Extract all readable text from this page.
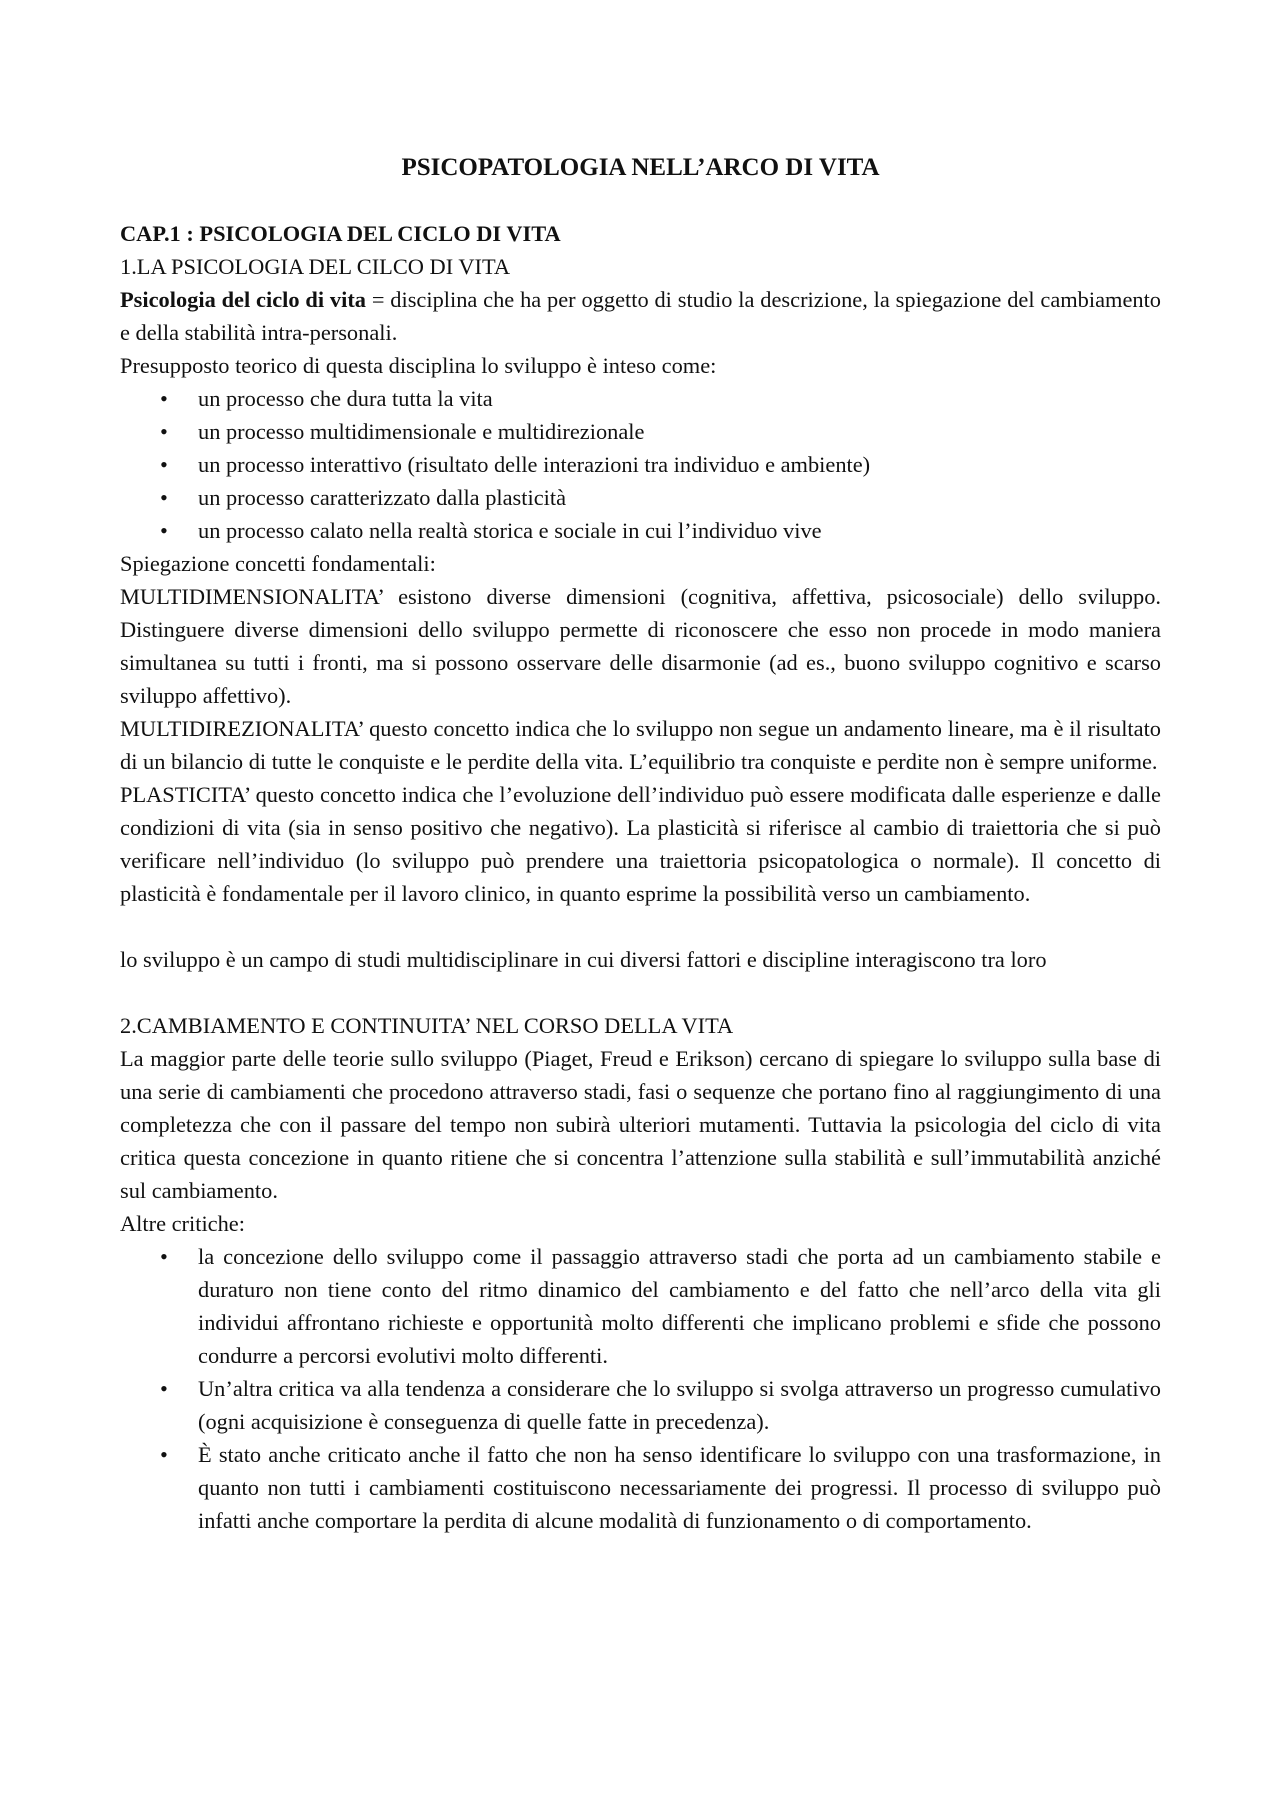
PSICOPATOLOGIA NELL’ARCO DI VITA

CAP.1 : PSICOLOGIA DEL CICLO DI VITA

1.LA PSICOLOGIA DEL CILCO DI VITA

Psicologia del ciclo di vita = disciplina che ha per oggetto di studio la descrizione, la spiegazione del cambiamento e della stabilità intra-personali.

Presupposto teorico di questa disciplina lo sviluppo è inteso come:

• un processo che dura tutta la vita
• un processo multidimensionale e multidirezionale
• un processo interattivo (risultato delle interazioni tra individuo e ambiente)
• un processo caratterizzato dalla plasticità
• un processo calato nella realtà storica e sociale in cui l’individuo vive

Spiegazione concetti fondamentali:

MULTIDIMENSIONALITA’ esistono diverse dimensioni (cognitiva, affettiva, psicosociale) dello sviluppo. Distinguere diverse dimensioni dello sviluppo permette di riconoscere che esso non procede in modo maniera simultanea su tutti i fronti, ma si possono osservare delle disarmonie (ad es., buono sviluppo cognitivo e scarso sviluppo affettivo).

MULTIDIREZIONALITA’ questo concetto indica che lo sviluppo non segue un andamento lineare, ma è il risultato di un bilancio di tutte le conquiste e le perdite della vita. L’equilibrio tra conquiste e perdite non è sempre uniforme.

PLASTICITA’ questo concetto indica che l’evoluzione dell’individuo può essere modificata dalle esperienze e dalle condizioni di vita (sia in senso positivo che negativo). La plasticità si riferisce al cambio di traiettoria che si può verificare nell’individuo (lo sviluppo può prendere una traiettoria psicopatologica o normale). Il concetto di plasticità è fondamentale per il lavoro clinico, in quanto esprime la possibilità verso un cambiamento.

lo sviluppo è un campo di studi multidisciplinare in cui diversi fattori e discipline interagiscono tra loro

2.CAMBIAMENTO E CONTINUITA’ NEL CORSO DELLA VITA

La maggior parte delle teorie sullo sviluppo (Piaget, Freud e Erikson) cercano di spiegare lo sviluppo sulla base di una serie di cambiamenti che procedono attraverso stadi, fasi o sequenze che portano fino al raggiungimento di una completezza che con il passare del tempo non subirà ulteriori mutamenti. Tuttavia la psicologia del ciclo di vita critica questa concezione in quanto ritiene che si concentra l’attenzione sulla stabilità e sull’immutabilità anziché sul cambiamento.

Altre critiche:

• la concezione dello sviluppo come il passaggio attraverso stadi che porta ad un cambiamento stabile e duraturo non tiene conto del ritmo dinamico del cambiamento e del fatto che nell’arco della vita gli individui affrontano richieste e opportunità molto differenti che implicano problemi e sfide che possono condurre a percorsi evolutivi molto differenti.
• Un’altra critica va alla tendenza a considerare che lo sviluppo si svolga attraverso un progresso cumulativo (ogni acquisizione è conseguenza di quelle fatte in precedenza).
• È stato anche criticato anche il fatto che non ha senso identificare lo sviluppo con una trasformazione, in quanto non tutti i cambiamenti costituiscono necessariamente dei progressi. Il processo di sviluppo può infatti anche comportare la perdita di alcune modalità di funzionamento o di comportamento.
